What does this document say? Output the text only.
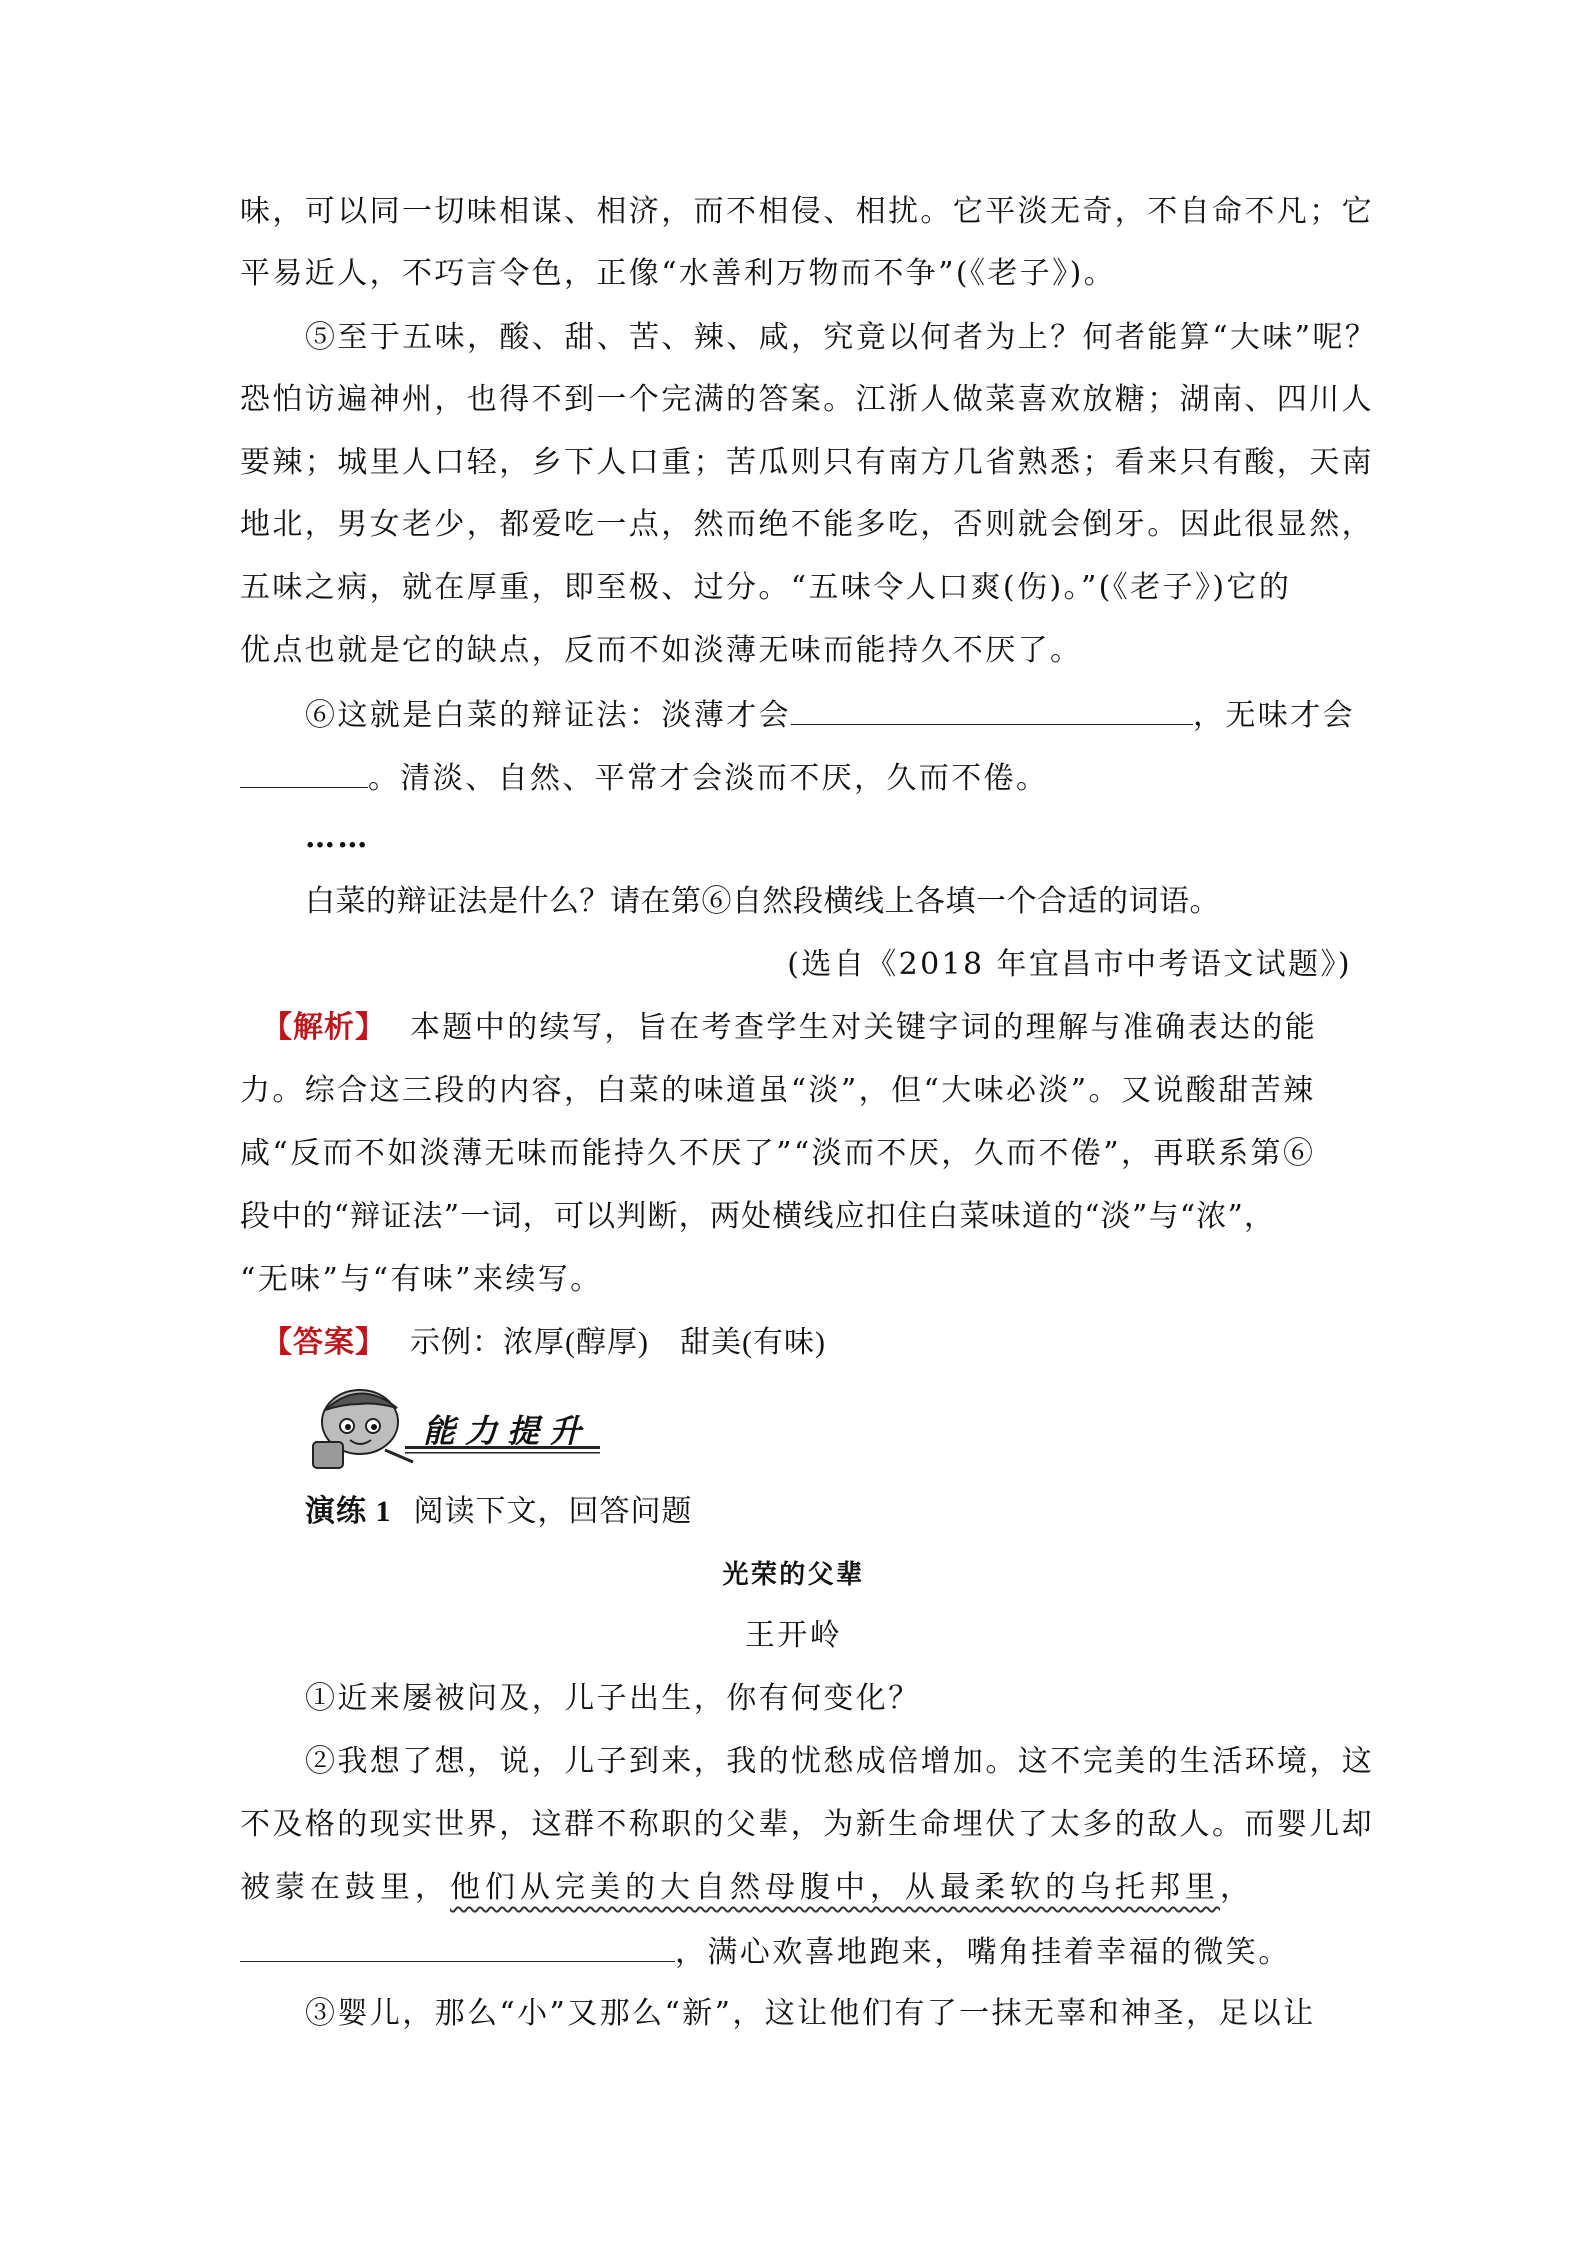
味，可以同一切味相谋、相济，而不相侵、相扰。它平淡无奇，不自命不凡；它
平易近人，不巧言令色，正像“水善利万物而不争”(《老子》)。
⑤至于五味，酸、甜、苦、辣、咸，究竟以何者为上？何者能算“大味”呢？
恐怕访遍神州，也得不到一个完满的答案。江浙人做菜喜欢放糖；湖南、四川人
要辣；城里人口轻，乡下人口重；苦瓜则只有南方几省熟悉；看来只有酸，天南
地北，男女老少，都爱吃一点，然而绝不能多吃，否则就会倒牙。因此很显然，
五味之病，就在厚重，即至极、过分。“五味令人口爽(伤)。”(《老子》)它的
优点也就是它的缺点，反而不如淡薄无味而能持久不厌了。
⑥这就是白菜的辩证法：淡薄才会	，无味才会
。清淡、自然、平常才会淡而不厌，久而不倦。
……
白菜的辩证法是什么？请在第⑥自然段横线上各填一个合适的词语。
(选自《2018 年宜昌市中考语文试题》)
【解析】 本题中的续写，旨在考查学生对关键字词的理解与准确表达的能
力。综合这三段的内容，白菜的味道虽“淡”，但“大味必淡”。又说酸甜苦辣
咸“反而不如淡薄无味而能持久不厌了”“淡而不厌，久而不倦”，再联系第⑥
段中的“辩证法”一词，可以判断，两处横线应扣住白菜味道的“淡”与“浓”，
“无味”与“有味”来续写。
【答案】 示例：浓厚(醇厚)　甜美(有味)
能力提升
演练 1 阅读下文，回答问题
光荣的父辈
王开岭
①近来屡被问及，儿子出生，你有何变化？
②我想了想，说，儿子到来，我的忧愁成倍增加。这不完美的生活环境，这
不及格的现实世界，这群不称职的父辈，为新生命埋伏了太多的敌人。而婴儿却
被蒙在鼓里，他们从完美的大自然母腹中，从最柔软的乌托邦里，
，满心欢喜地跑来，嘴角挂着幸福的微笑。
③婴儿，那么“小”又那么“新”，这让他们有了一抹无辜和神圣，足以让
